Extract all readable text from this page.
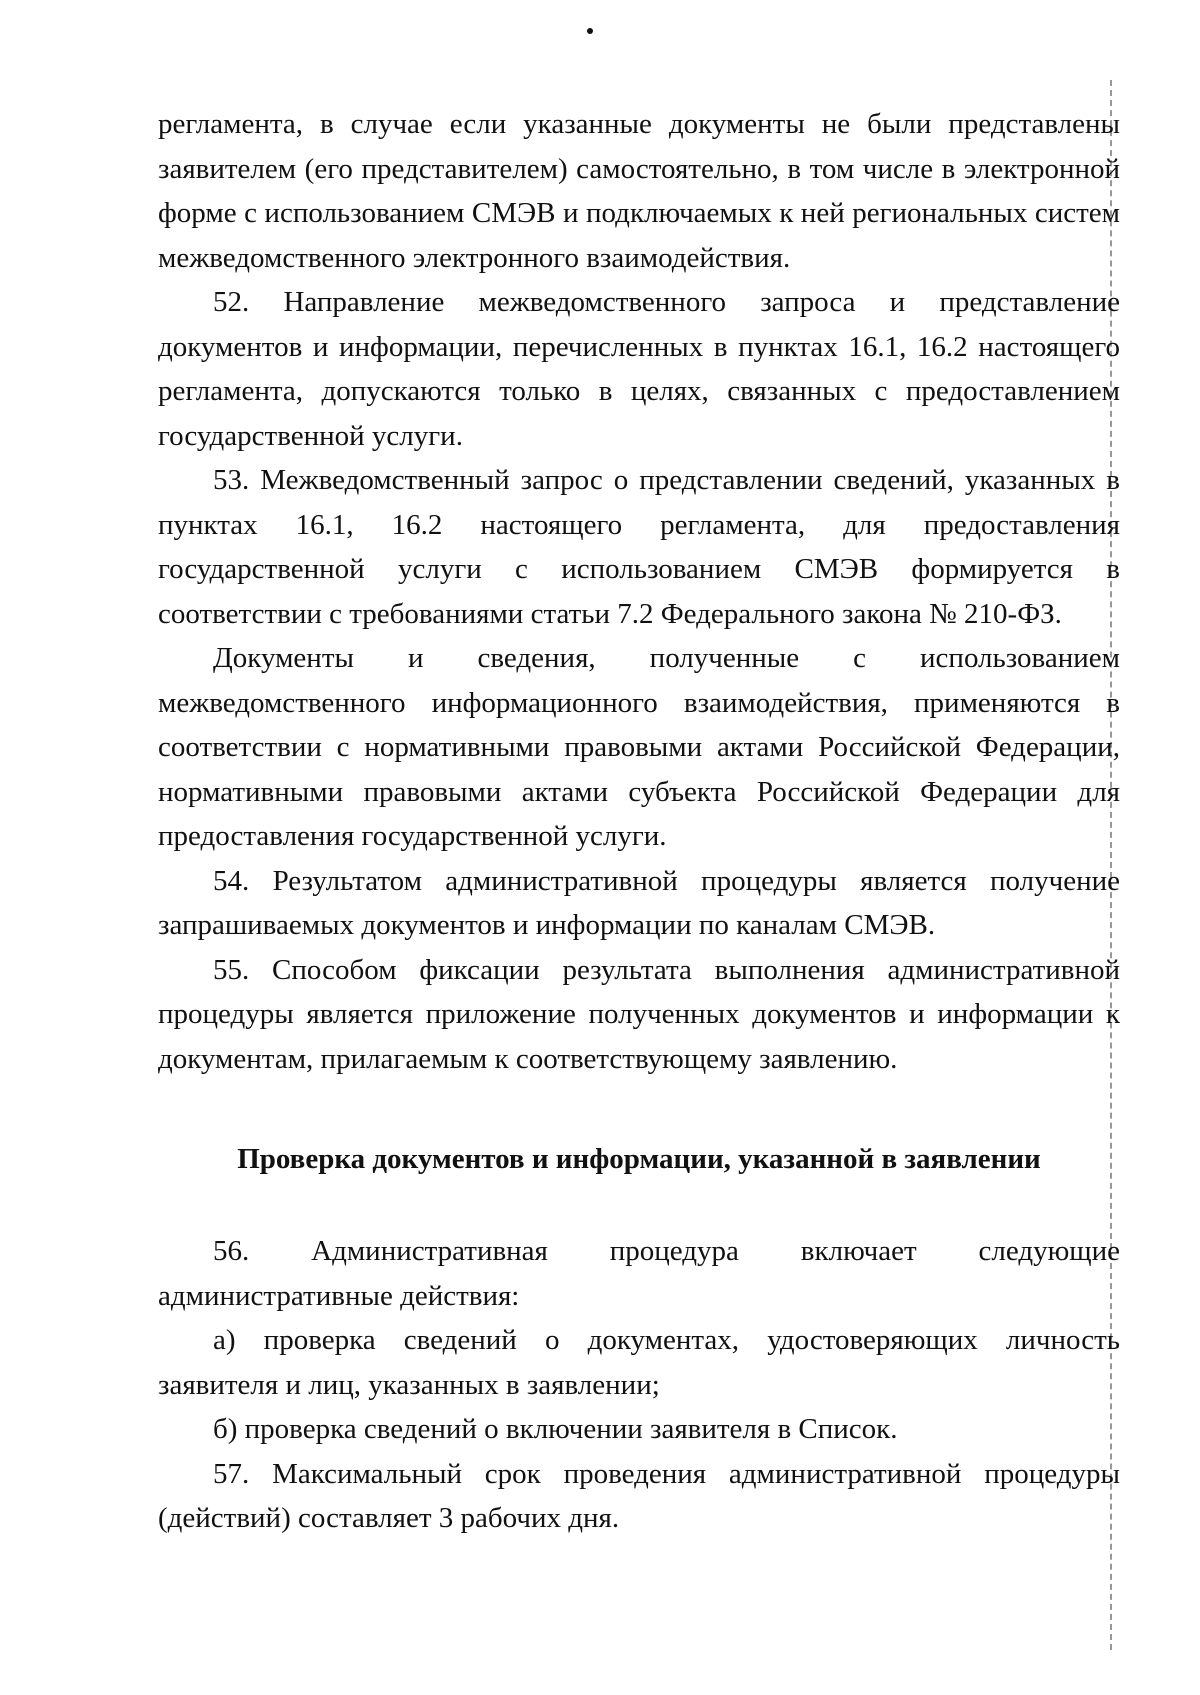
регламента, в случае если указанные документы не были представлены заявителем (его представителем) самостоятельно, в том числе в электронной форме с использованием СМЭВ и подключаемых к ней региональных систем межведомственного электронного взаимодействия.

52. Направление межведомственного запроса и представление документов и информации, перечисленных в пунктах 16.1, 16.2 настоящего регламента, допускаются только в целях, связанных с предоставлением государственной услуги.

53. Межведомственный запрос о представлении сведений, указанных в пунктах 16.1, 16.2 настоящего регламента, для предоставления государственной услуги с использованием СМЭВ формируется в соответствии с требованиями статьи 7.2 Федерального закона № 210-ФЗ.

Документы и сведения, полученные с использованием межведомственного информационного взаимодействия, применяются в соответствии с нормативными правовыми актами Российской Федерации, нормативными правовыми актами субъекта Российской Федерации для предоставления государственной услуги.

54. Результатом административной процедуры является получение запрашиваемых документов и информации по каналам СМЭВ.

55. Способом фиксации результата выполнения административной процедуры является приложение полученных документов и информации к документам, прилагаемым к соответствующему заявлению.

Проверка документов и информации, указанной в заявлении

56. Административная процедура включает следующие административные действия:

а) проверка сведений о документах, удостоверяющих личность заявителя и лиц, указанных в заявлении;

б) проверка сведений о включении заявителя в Список.

57. Максимальный срок проведения административной процедуры (действий) составляет 3 рабочих дня.
